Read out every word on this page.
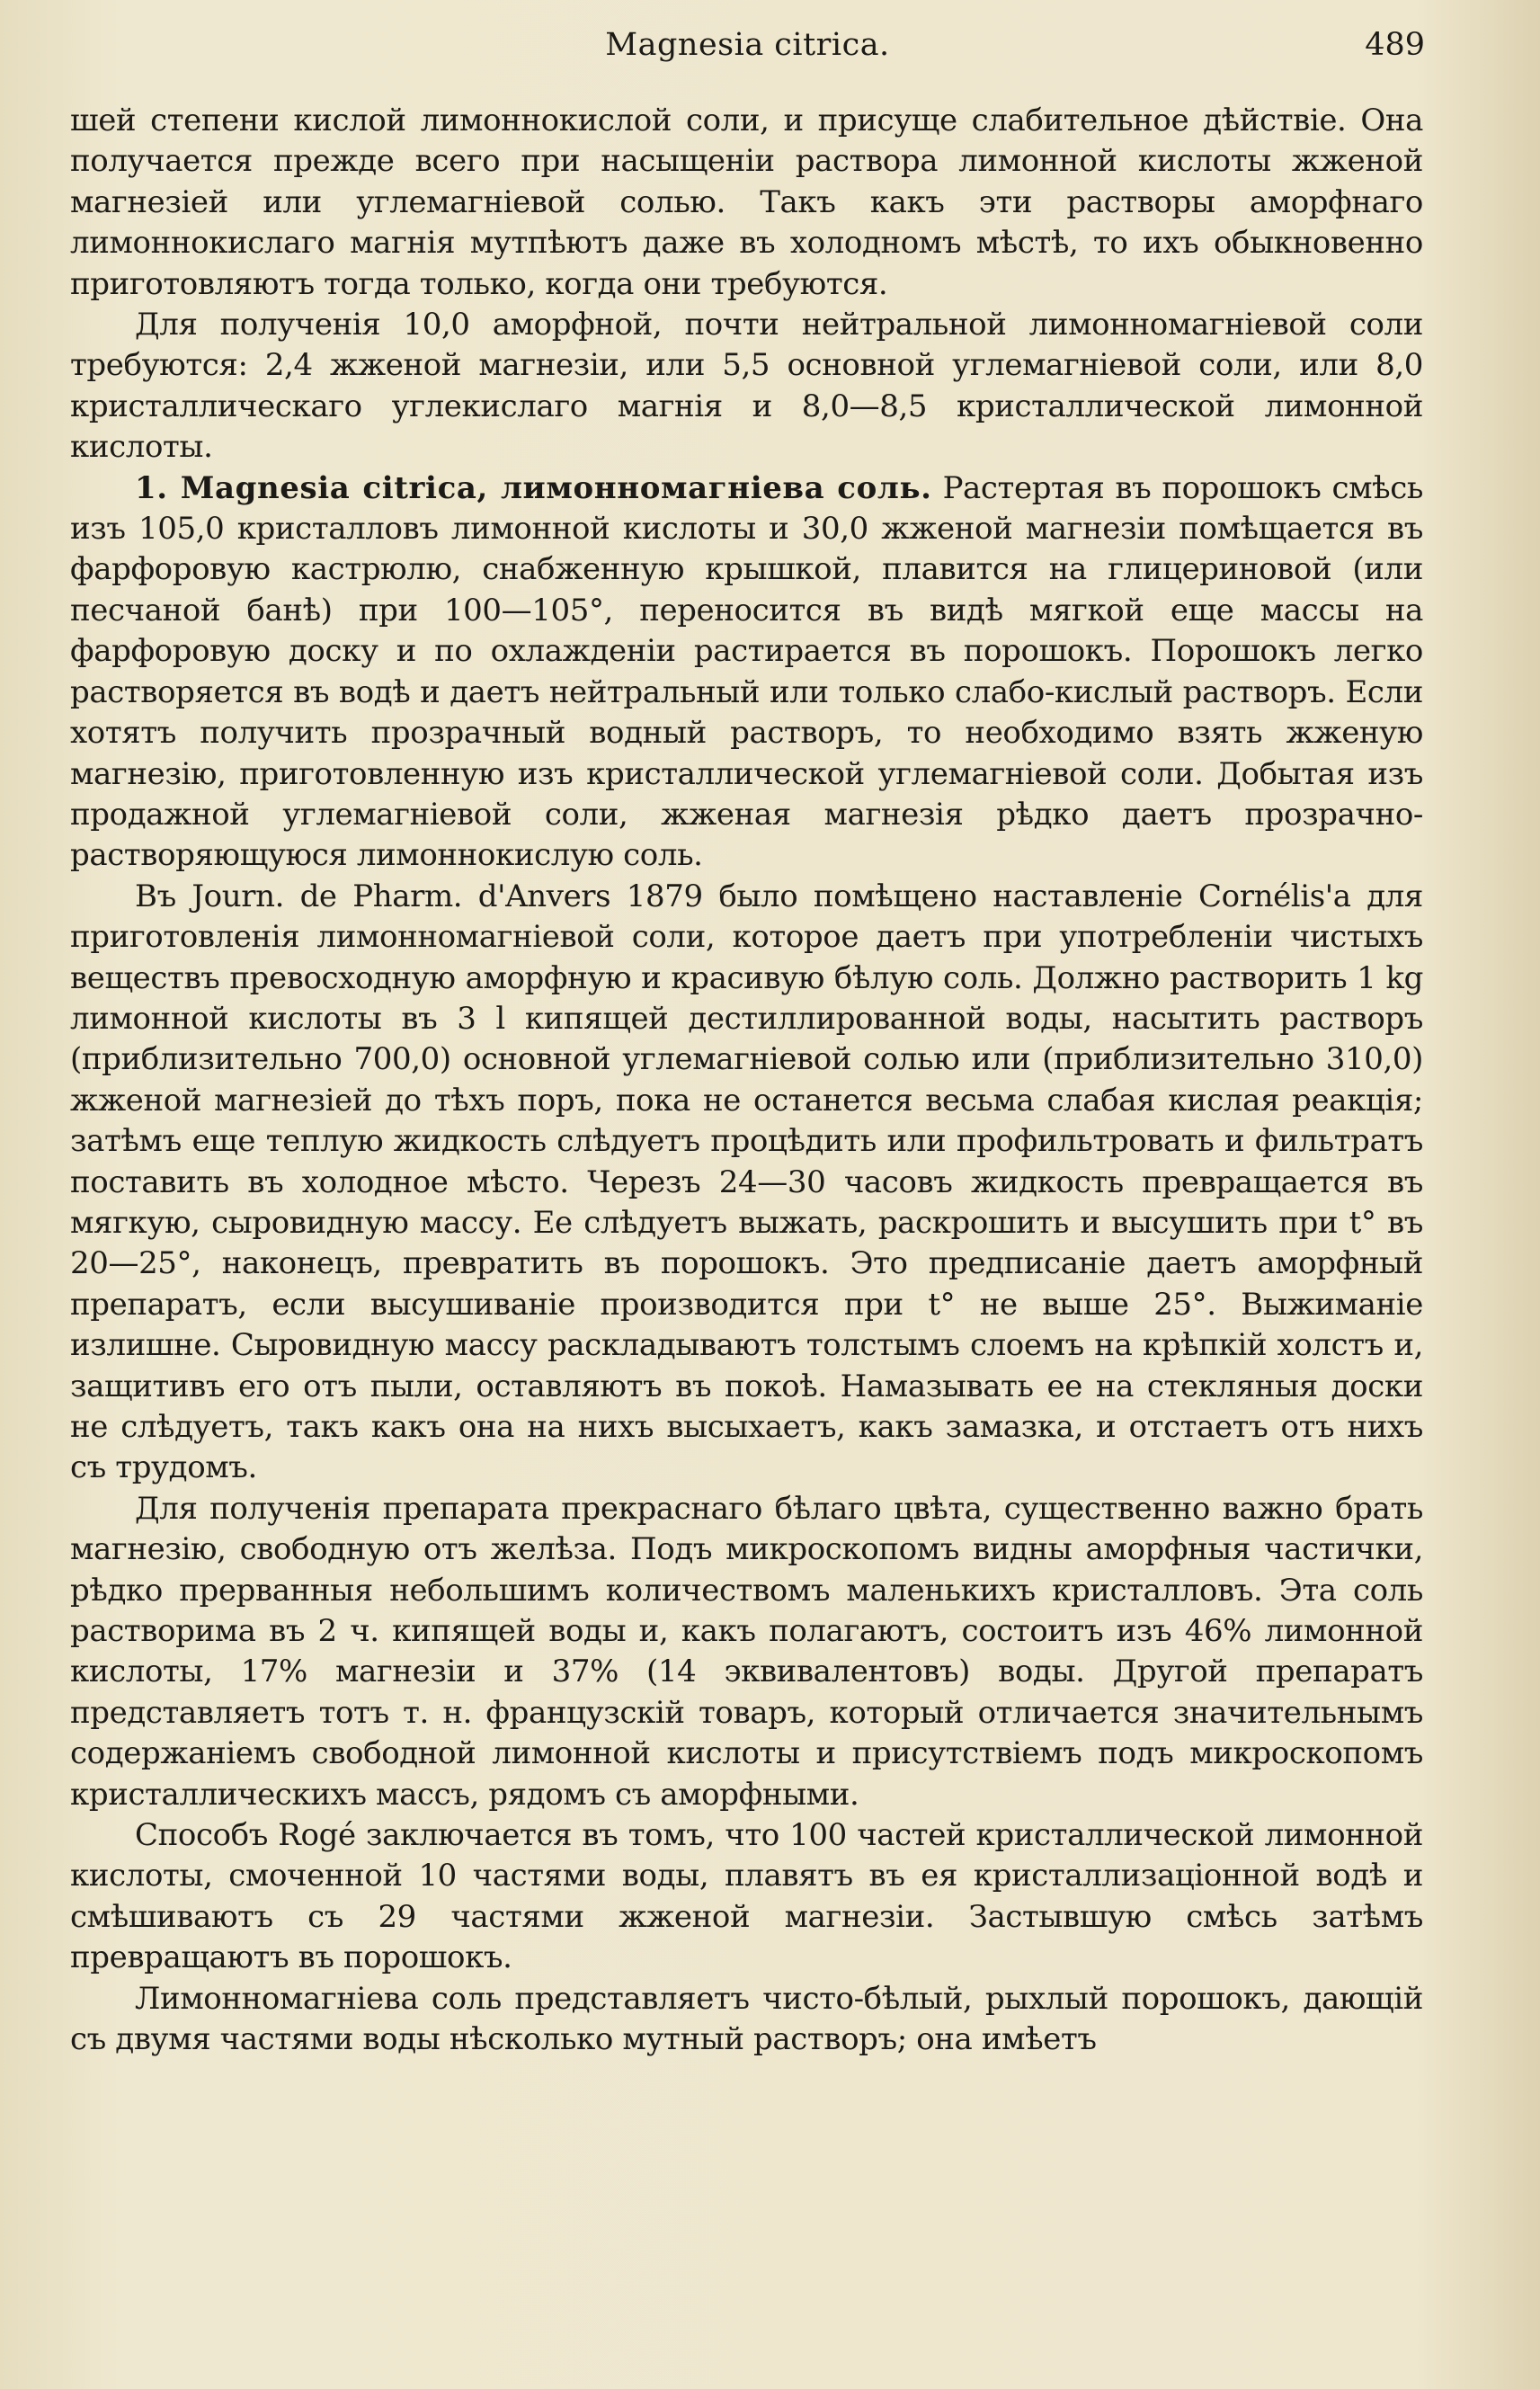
Magnesia citrica.	489

шей степени кислой лимоннокислой соли, и присуще слабительное дѣйствіе. Она получается прежде всего при насыщеніи раствора лимонной кислоты жженой магнезіей или углемагніевой солью. Такъ какъ эти растворы аморфнаго лимоннокислаго магнія мутпѣютъ даже въ холодномъ мѣстѣ, то ихъ обыкновенно приготовляютъ тогда только, когда они требуются.

Для полученія 10,0 аморфной, почти нейтральной лимонномагніевой соли требуются: 2,4 жженой магнезіи, или 5,5 основной углемагніевой соли, или 8,0 кристаллическаго углекислаго магнія и 8,0—8,5 кристаллической лимонной кислоты.

1. Magnesia citrica, лимонномагніева соль. Растертая въ порошокъ смѣсь изъ 105,0 кристалловъ лимонной кислоты и 30,0 жженой магнезіи помѣщается въ фарфоровую кастрюлю, снабженную крышкой, плавится на глицериновой (или песчаной банѣ) при 100—105°, переносится въ видѣ мягкой еще массы на фарфоровую доску и по охлажденіи растирается въ порошокъ. Порошокъ легко растворяется въ водѣ и даетъ нейтральный или только слабо-кислый растворъ. Если хотятъ получить прозрачный водный растворъ, то необходимо взять жженую магнезію, приготовленную изъ кристаллической углемагніевой соли. Добытая изъ продажной углемагніевой соли, жженая магнезія рѣдко даетъ прозрачно-растворяющуюся лимоннокислую соль.

Въ Journ. de Pharm. d'Anvers 1879 было помѣщено наставленіе Cornélis'a для приготовленія лимонномагніевой соли, которое даетъ при употребленіи чистыхъ веществъ превосходную аморфную и красивую бѣлую соль. Должно растворить 1 kg лимонной кислоты въ 3 l кипящей дестиллированной воды, насытить растворъ (приблизительно 700,0) основной углемагніевой солью или (приблизительно 310,0) жженой магнезіей до тѣхъ поръ, пока не останется весьма слабая кислая реакція; затѣмъ еще теплую жидкость слѣдуетъ процѣдить или профильтровать и фильтратъ поставить въ холодное мѣсто. Черезъ 24—30 часовъ жидкость превращается въ мягкую, сыровидную массу. Ее слѣдуетъ выжать, раскрошить и высушить при t° въ 20—25°, наконецъ, превратить въ порошокъ. Это предписаніе даетъ аморфный препаратъ, если высушиваніе производится при t° не выше 25°. Выжиманіе излишне. Сыровидную массу раскладываютъ толстымъ слоемъ на крѣпкій холстъ и, защитивъ его отъ пыли, оставляютъ въ покоѣ. Намазывать ее на стекляныя доски не слѣдуетъ, такъ какъ она на нихъ высыхаетъ, какъ замазка, и отстаетъ отъ нихъ съ трудомъ.

Для полученія препарата прекраснаго бѣлаго цвѣта, существенно важно брать магнезію, свободную отъ желѣза. Подъ микроскопомъ видны аморфныя частички, рѣдко прерванныя небольшимъ количествомъ маленькихъ кристалловъ. Эта соль растворима въ 2 ч. кипящей воды и, какъ полагаютъ, состоитъ изъ 46% лимонной кислоты, 17% магнезіи и 37% (14 эквивалентовъ) воды. Другой препаратъ представляетъ тотъ т. н. французскій товаръ, который отличается значительнымъ содержаніемъ свободной лимонной кислоты и присутствіемъ подъ микроскопомъ кристаллическихъ массъ, рядомъ съ аморфными.

Способъ Rogé заключается въ томъ, что 100 частей кристаллической лимонной кислоты, смоченной 10 частями воды, плавятъ въ ея кристаллизаціонной водѣ и смѣшиваютъ съ 29 частями жженой магнезіи. Застывшую смѣсь затѣмъ превращаютъ въ порошокъ.

Лимонномагніева соль представляетъ чисто-бѣлый, рыхлый порошокъ, дающій съ двумя частями воды нѣсколько мутный растворъ; она имѣетъ
